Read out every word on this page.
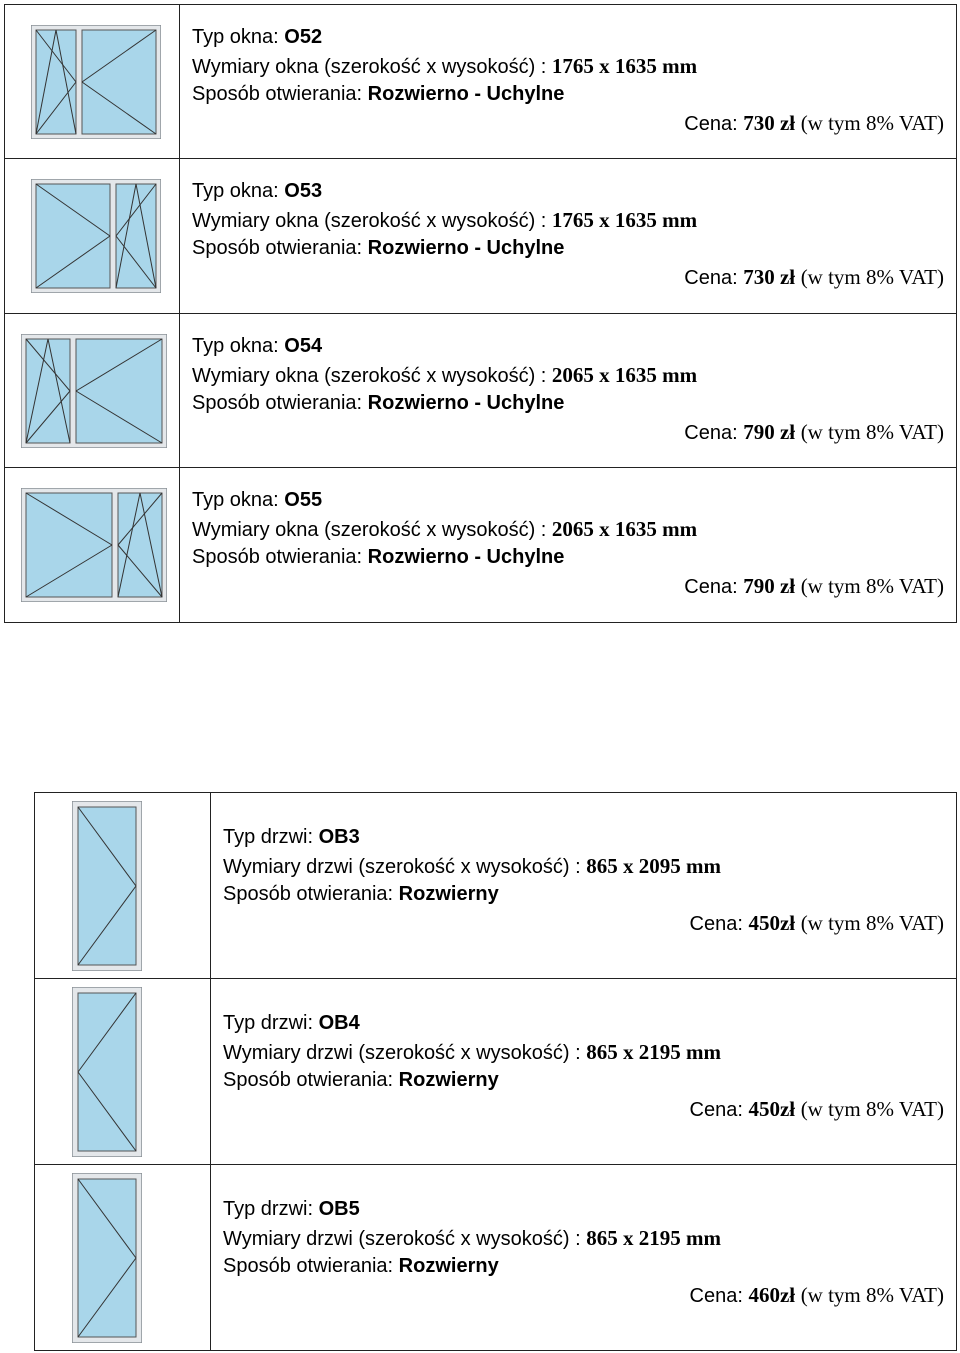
Typ okna: O52
Wymiary okna (szerokość x wysokość) : 1765 x 1635 mm
Sposób otwierania: Rozwierno - Uchylne
Cena: 730 zł (w tym 8% VAT)

Typ okna: O53
Wymiary okna (szerokość x wysokość) : 1765 x 1635 mm
Sposób otwierania: Rozwierno - Uchylne
Cena: 730 zł (w tym 8% VAT)

Typ okna: O54
Wymiary okna (szerokość x wysokość) : 2065 x 1635 mm
Sposób otwierania: Rozwierno - Uchylne
Cena: 790 zł (w tym 8% VAT)

Typ okna: O55
Wymiary okna (szerokość x wysokość) : 2065 x 1635 mm
Sposób otwierania: Rozwierno - Uchylne
Cena: 790 zł (w tym 8% VAT)

Typ drzwi: OB3
Wymiary drzwi (szerokość x wysokość) : 865 x 2095 mm
Sposób otwierania: Rozwierny
Cena: 450zł (w tym 8% VAT)

Typ drzwi: OB4
Wymiary drzwi (szerokość x wysokość) : 865 x 2195 mm
Sposób otwierania: Rozwierny
Cena: 450zł (w tym 8% VAT)

Typ drzwi: OB5
Wymiary drzwi (szerokość x wysokość) : 865 x 2195 mm
Sposób otwierania: Rozwierny
Cena: 460zł (w tym 8% VAT)
